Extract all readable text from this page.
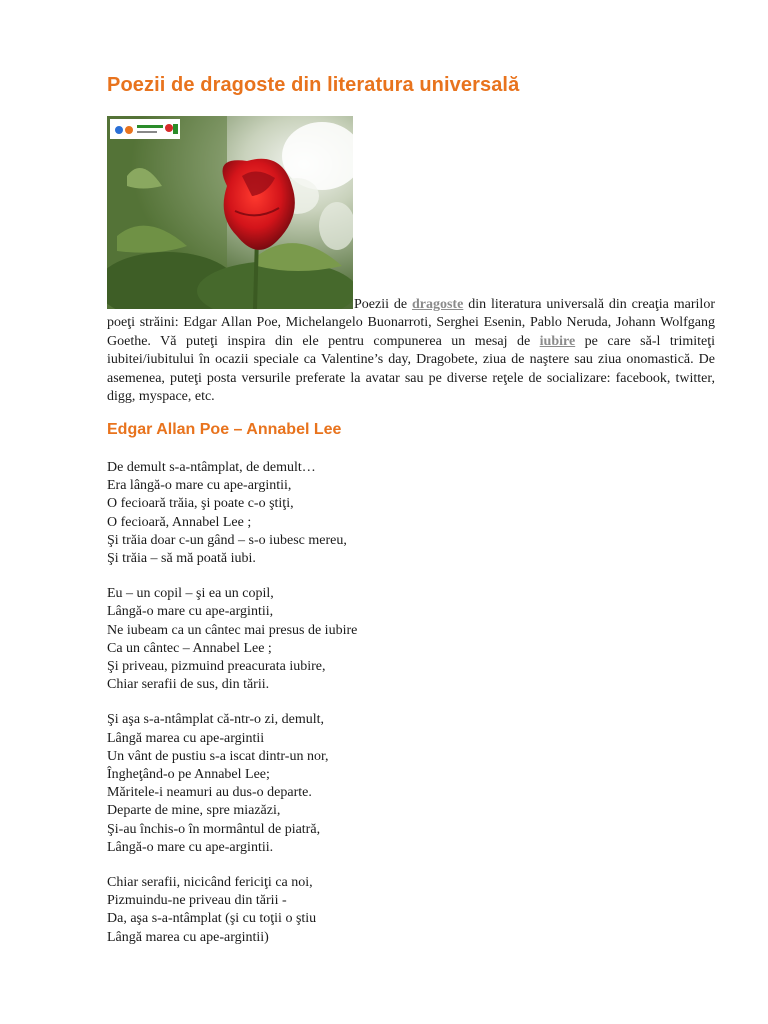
Poezii de dragoste din literatura universală

Poezii de dragoste din literatura universală din creaţia marilor poeţi străini: Edgar Allan Poe, Michelangelo Buonarroti, Serghei Esenin, Pablo Neruda, Johann Wolfgang Goethe. Vă puteţi inspira din ele pentru compunerea un mesaj de iubire pe care să-l trimiteţi iubitei/iubitului în ocazii speciale ca Valentine’s day, Dragobete, ziua de naştere sau ziua onomastică. De asemenea, puteţi posta versurile preferate la avatar sau pe diverse reţele de socializare: facebook, twitter, digg, myspace, etc.

Edgar Allan Poe – Annabel Lee
De demult s-a-ntâmplat, de demult…
Era lângă-o mare cu ape-argintii,
O fecioară trăia, şi poate c-o ştiţi,
O fecioară, Annabel Lee ;
Şi trăia doar c-un gând – s-o iubesc mereu,
Şi trăia – să mă poată iubi.
Eu – un copil – şi ea un copil,
Lângă-o mare cu ape-argintii,
Ne iubeam ca un cântec mai presus de iubire
Ca un cântec – Annabel Lee ;
Şi priveau, pizmuind preacurata iubire,
Chiar serafii de sus, din tării.
Şi aşa s-a-ntâmplat că-ntr-o zi, demult,
Lângă marea cu ape-argintii
Un vânt de pustiu s-a iscat dintr-un nor,
Îngheţând-o pe Annabel Lee;
Măritele-i neamuri au dus-o departe.
Departe de mine, spre miazăzi,
Şi-au închis-o în mormântul de piatră,
Lângă-o mare cu ape-argintii.
Chiar serafii, nicicând fericiţi ca noi,
Pizmuindu-ne priveau din tării -
Da, aşa s-a-ntâmplat (şi cu toţii o ştiu
Lângă marea cu ape-argintii)
